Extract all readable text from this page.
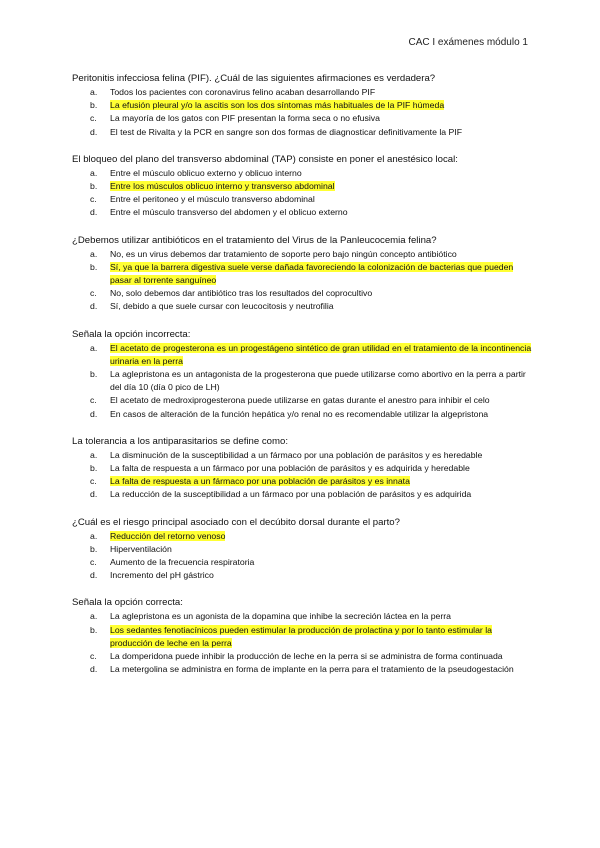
CAC I exámenes módulo 1
Peritonitis infecciosa felina (PIF). ¿Cuál de las siguientes afirmaciones es verdadera?
a.	Todos los pacientes con coronavirus felino acaban desarrollando PIF
b.	La efusión pleural y/o la ascitis son los dos síntomas más habituales de la PIF húmeda
c.	La mayoría de los gatos con PIF presentan la forma seca o no efusiva
d.	El test de Rivalta y la PCR en sangre son dos formas de diagnosticar definitivamente la PIF
El bloqueo del plano del transverso abdominal (TAP) consiste en poner el anestésico local:
a.	Entre el músculo oblicuo externo y oblicuo interno
b.	Entre los músculos oblicuo interno y transverso abdominal
c.	Entre el peritoneo y el músculo transverso abdominal
d.	Entre el músculo transverso del abdomen y el oblicuo externo
¿Debemos utilizar antibióticos en el tratamiento del Virus de la Panleucocemia felina?
a.	No, es un virus debemos dar tratamiento de soporte pero bajo ningún concepto antibiótico
b.	Sí, ya que la barrera digestiva suele verse dañada favoreciendo la colonización de bacterias que pueden pasar al torrente sanguíneo
c.	No, solo debemos dar antibiótico tras los resultados del coprocultivo
d.	Sí, debido a que suele cursar con leucocitosis y neutrofilia
Señala la opción incorrecta:
a.	El acetato de progesterona es un progestágeno sintético de gran utilidad en el tratamiento de la incontinencia urinaria en la perra
b.	La aglepristona es un antagonista de la progesterona que puede utilizarse como abortivo en la perra a partir del día 10 (día 0 pico de LH)
c.	El acetato de medroxiprogesterona puede utilizarse en gatas durante el anestro para inhibir el celo
d.	En casos de alteración de la función hepática y/o renal no es recomendable utilizar la algepristona
La tolerancia a los antiparasitarios se define como:
a.	La disminución de la susceptibilidad a un fármaco por una población de parásitos y es heredable
b.	La falta de respuesta a un fármaco por una población de parásitos y es adquirida y heredable
c.	La falta de respuesta a un fármaco por una población de parásitos y es innata
d.	La reducción de la susceptibilidad a un fármaco por una población de parásitos y es adquirida
¿Cuál es el riesgo principal asociado con el decúbito dorsal durante el parto?
a.	Reducción del retorno venoso
b.	Hiperventilación
c.	Aumento de la frecuencia respiratoria
d.	Incremento del pH gástrico
Señala la opción correcta:
a.	La aglepristona es un agonista de la dopamina que inhibe la secreción láctea en la perra
b.	Los sedantes fenotiacínicos pueden estimular la producción de prolactina y por lo tanto estimular la producción de leche en la perra
c.	La domperidona puede inhibir la producción de leche en la perra si se administra de forma continuada
d.	La metergolina se administra en forma de implante en la perra para el tratamiento de la pseudogestación
